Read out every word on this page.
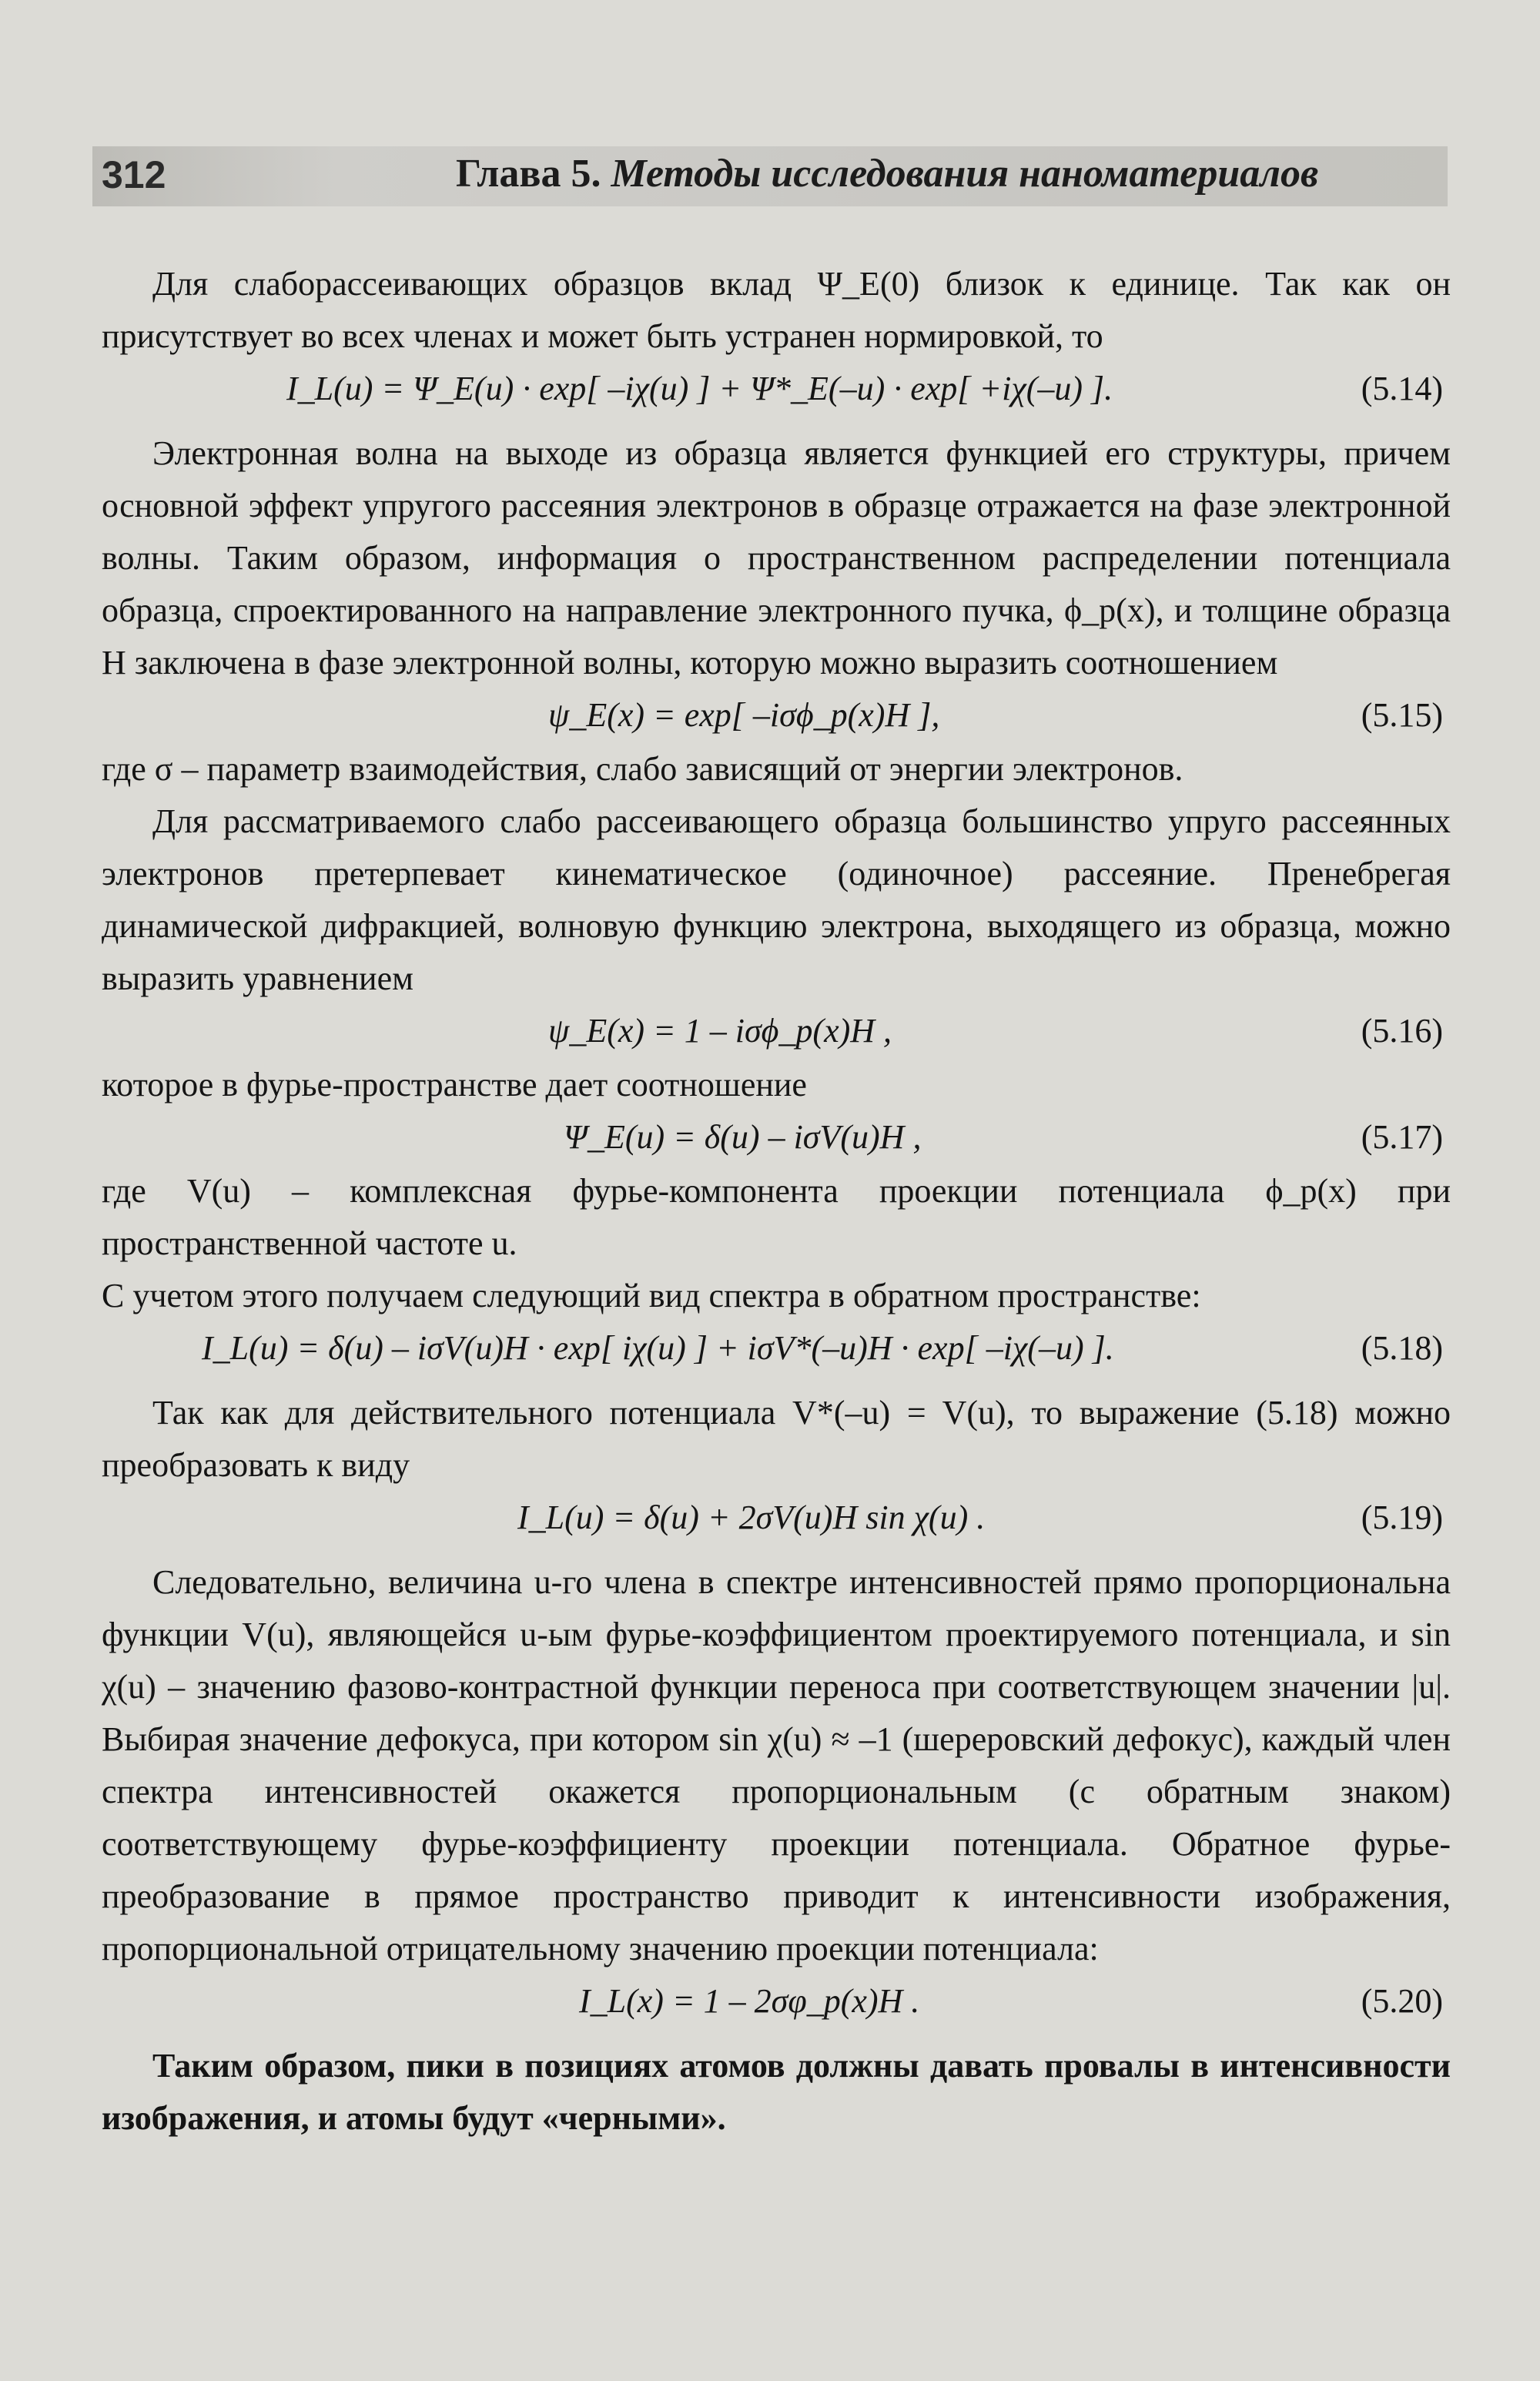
312	Глава 5. Методы исследования наноматериалов

Для слаборассеивающих образцов вклад Ψ_E(0) близок к единице. Так как он присутствует во всех членах и может быть устранен нормировкой, то

I_L(u) = Ψ_E(u) · exp[ –iχ(u) ] + Ψ*_E(–u) · exp[ +iχ(–u) ].	(5.14)

Электронная волна на выходе из образца является функцией его структуры, причем основной эффект упругого рассеяния электронов в образце отражается на фазе электронной волны. Таким образом, информация о пространственном распределении потенциала образца, спроектированного на направление электронного пучка, ϕ_p(x), и толщине образца H заключена в фазе электронной волны, которую можно выразить соотношением

ψ_E(x) = exp[ –iσϕ_p(x)H ],	(5.15)

где σ – параметр взаимодействия, слабо зависящий от энергии электронов.

Для рассматриваемого слабо рассеивающего образца большинство упруго рассеянных электронов претерпевает кинематическое (одиночное) рассеяние. Пренебрегая динамической дифракцией, волновую функцию электрона, выходящего из образца, можно выразить уравнением

ψ_E(x) = 1 – iσϕ_p(x)H ,	(5.16)

которое в фурье-пространстве дает соотношение

Ψ_E(u) = δ(u) – iσV(u)H ,	(5.17)

где V(u) – комплексная фурье-компонента проекции потенциала ϕ_p(x) при пространственной частоте u.

С учетом этого получаем следующий вид спектра в обратном пространстве:

I_L(u) = δ(u) – iσV(u)H · exp[ iχ(u) ] + iσV*(–u)H · exp[ –iχ(–u) ].	(5.18)

Так как для действительного потенциала V*(–u) = V(u), то выражение (5.18) можно преобразовать к виду

I_L(u) = δ(u) + 2σV(u)H sin χ(u) .	(5.19)

Следовательно, величина u-го члена в спектре интенсивностей прямо пропорциональна функции V(u), являющейся u-ым фурье-коэффициентом проектируемого потенциала, и sin χ(u) – значению фазово-контрастной функции переноса при соответствующем значении |u|. Выбирая значение дефокуса, при котором sin χ(u) ≈ –1 (шереровский дефокус), каждый член спектра интенсивностей окажется пропорциональным (с обратным знаком) соответствующему фурье-коэффициенту проекции потенциала. Обратное фурье-преобразование в прямое пространство приводит к интенсивности изображения, пропорциональной отрицательному значению проекции потенциала:

I_L(x) = 1 – 2σφ_p(x)H .	(5.20)

Таким образом, пики в позициях атомов должны давать провалы в интенсивности изображения, и атомы будут «черными».
